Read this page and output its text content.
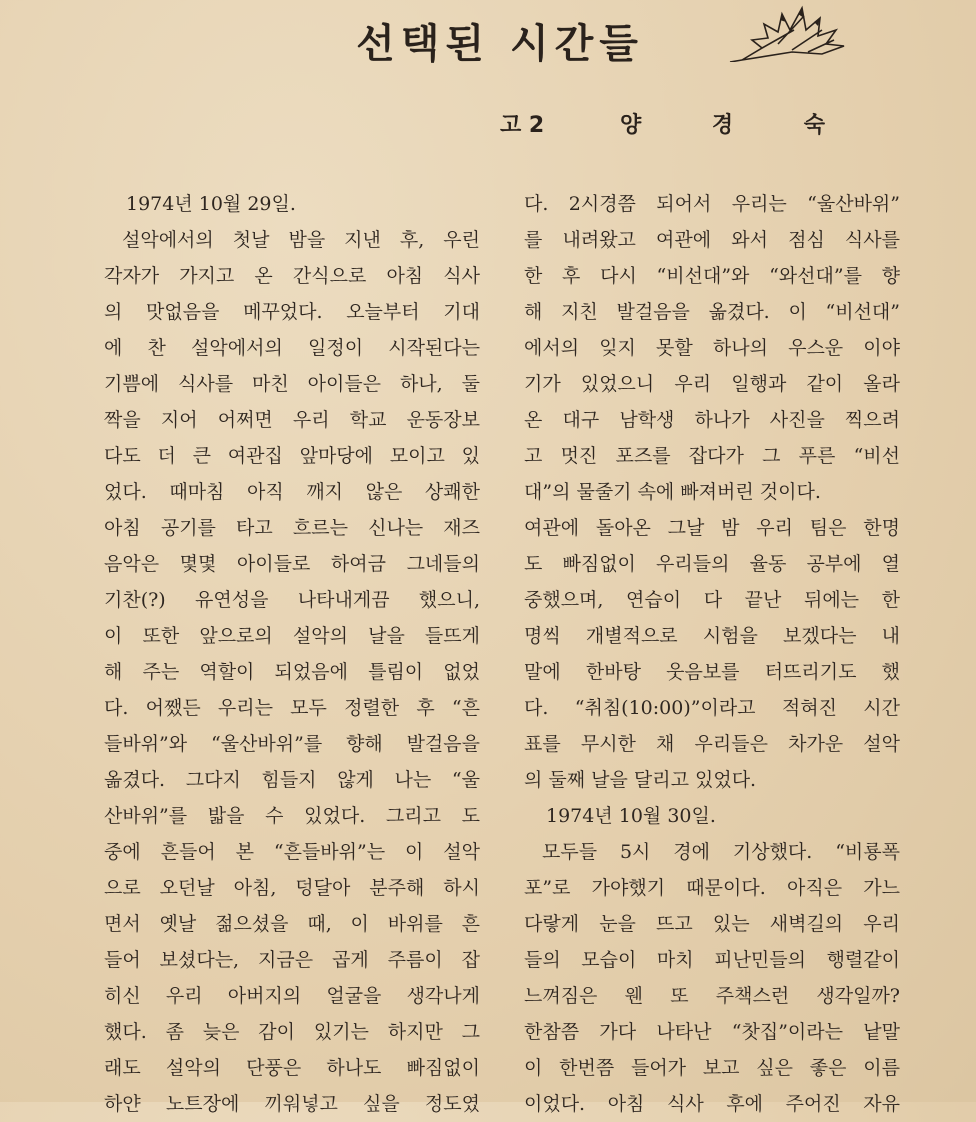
선택된 시간들
고 2	양 경 숙
1974년 10월 29일.
설악에서의 첫날 밤을 지낸 후, 우린
각자가 가지고 온 간식으로 아침 식사
의 맛없음을 메꾸었다. 오늘부터 기대
에 찬 설악에서의 일정이 시작된다는
기쁨에 식사를 마친 아이들은 하나, 둘
짝을 지어 어쩌면 우리 학교 운동장보
다도 더 큰 여관집 앞마당에 모이고 있
었다. 때마침 아직 깨지 않은 상쾌한
아침 공기를 타고 흐르는 신나는 재즈
음악은 몇몇 아이들로 하여금 그네들의
기찬(?) 유연성을 나타내게끔 했으니,
이 또한 앞으로의 설악의 날을 들뜨게
해 주는 역할이 되었음에 틀림이 없었
다. 어쨌든 우리는 모두 정렬한 후 “흔
들바위”와 “울산바위”를 향해 발걸음을
옮겼다. 그다지 힘들지 않게 나는 “울
산바위”를 밟을 수 있었다. 그리고 도
중에 흔들어 본 “흔들바위”는 이 설악
으로 오던날 아침, 덩달아 분주해 하시
면서 옛날 젊으셨을 때, 이 바위를 흔
들어 보셨다는, 지금은 곱게 주름이 잡
히신 우리 아버지의 얼굴을 생각나게
했다. 좀 늦은 감이 있기는 하지만 그
래도 설악의 단풍은 하나도 빠짐없이
하얀 노트장에 끼워넣고 싶을 정도였
다. 2시경쯤 되어서 우리는 “울산바위”
를 내려왔고 여관에 와서 점심 식사를
한 후 다시 “비선대”와 “와선대”를 향
해 지친 발걸음을 옮겼다. 이 “비선대”
에서의 잊지 못할 하나의 우스운 이야
기가 있었으니 우리 일행과 같이 올라
온 대구 남학생 하나가 사진을 찍으려
고 멋진 포즈를 잡다가 그 푸른 “비선
대”의 물줄기 속에 빠져버린 것이다.
여관에 돌아온 그날 밤 우리 팀은 한명
도 빠짐없이 우리들의 율동 공부에 열
중했으며, 연습이 다 끝난 뒤에는 한
명씩 개별적으로 시험을 보겠다는 내
말에 한바탕 웃음보를 터뜨리기도 했
다. “취침(10:00)”이라고 적혀진 시간
표를 무시한 채 우리들은 차가운 설악
의 둘째 날을 달리고 있었다.
1974년 10월 30일.
모두들 5시 경에 기상했다. “비룡폭
포”로 가야했기 때문이다. 아직은 가느
다랗게 눈을 뜨고 있는 새벽길의 우리
들의 모습이 마치 피난민들의 행렬같이
느껴짐은 웬 또 주책스런 생각일까?
한참쯤 가다 나타난 “찻집”이라는 낱말
이 한번쯤 들어가 보고 싶은 좋은 이름
이었다. 아침 식사 후에 주어진 자유
